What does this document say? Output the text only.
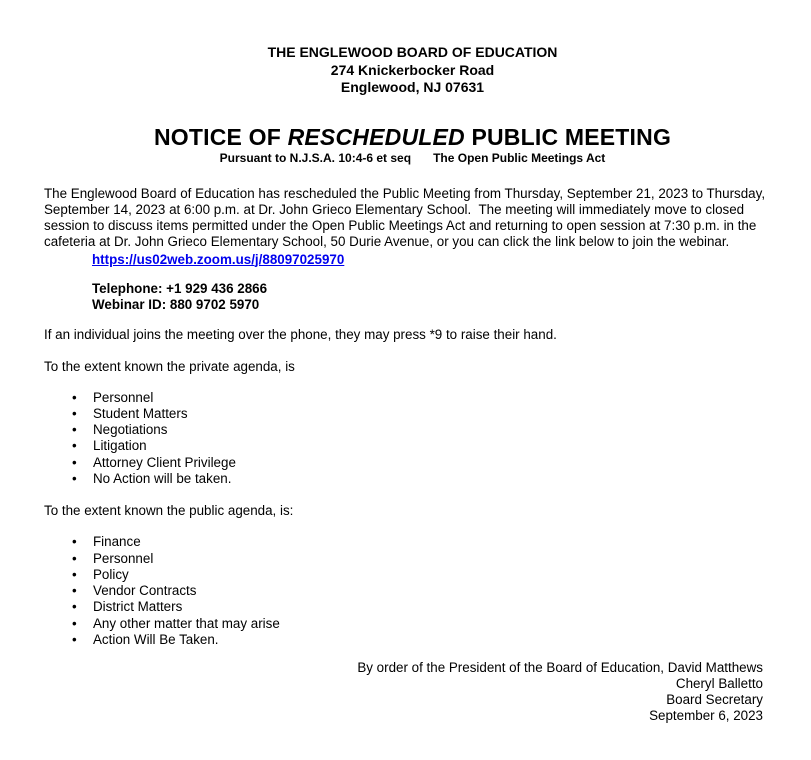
THE ENGLEWOOD BOARD OF EDUCATION
274 Knickerbocker Road
Englewood, NJ 07631
NOTICE OF RESCHEDULED PUBLIC MEETING
Pursuant to N.J.S.A. 10:4-6 et seq The Open Public Meetings Act

The Englewood Board of Education has rescheduled the Public Meeting from Thursday, September 21, 2023 to Thursday, September 14, 2023 at 6:00 p.m. at Dr. John Grieco Elementary School.  The meeting will immediately move to closed session to discuss items permitted under the Open Public Meetings Act and returning to open session at 7:30 p.m. in the cafeteria at Dr. John Grieco Elementary School, 50 Durie Avenue, or you can click the link below to join the webinar.

https://us02web.zoom.us/j/88097025970
Telephone: +1 929 436 2866
Webinar ID: 880 9702 5970
If an individual joins the meeting over the phone, they may press *9 to raise their hand.
To the extent known the private agenda, is
• Personnel
• Student Matters
• Negotiations
• Litigation
• Attorney Client Privilege
• No Action will be taken.
To the extent known the public agenda, is:
• Finance
• Personnel
• Policy
• Vendor Contracts
• District Matters
• Any other matter that may arise
• Action Will Be Taken.
By order of the President of the Board of Education, David Matthews
Cheryl Balletto
Board Secretary
September 6, 2023
